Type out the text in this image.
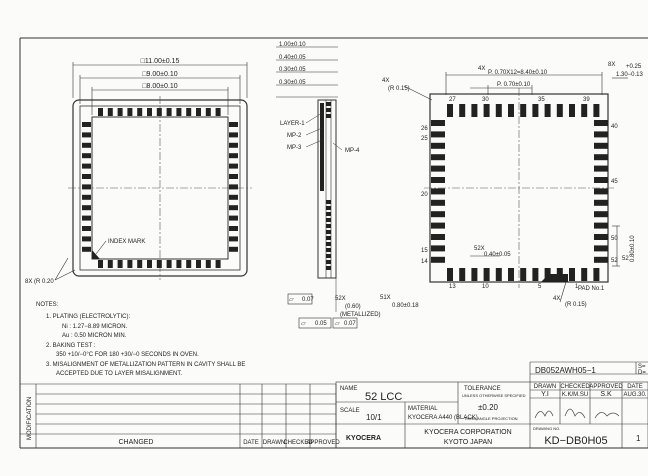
INDEX MARK
8X (R 0.20
□11.00±0.15
□9.00±0.10
□8.00±0.10
1.00±0.10
0.40±0.05
0.30±0.05
0.30±0.05
LAYER-1
MP-2
MP-3	MP-4
⏥ 0.07
⏥ 0.05 ⏥ 0.07
52X
(0.60)
(METALLIZED)
4X
(R 0.15)
4X
P. 0.70X12=8.40±0.10
P. 0.70±0.10
8X +0.25
1.30−0.13
52X
0.40±0.05
51X
0.80±0.18
PAD No.1
4X
(R 0.15)
0.80±0.10
52
27	30	35	39
40
45
50
52
26
25
20
15
14
13	10	5	1
NOTES:
1. PLATING (ELECTROLYTIC):
Ni : 1.27−8.89 MICRON.
Au : 0.50 MICRON MIN.
2. BAKING TEST :
350 +10/−0°C FOR 180 +30/−0 SECONDS IN OVEN.
3. MISALIGNMENT OF METALLIZATION PATTERN IN CAVITY SHALL BE
ACCEPTED DUE TO LAYER MISALIGNMENT.
MODIFICATION
CHANGED	DATE DRAWN
CHECKED
APPROVED
DB052AWH05−1	S=
D=
DRAWN CHECKED APPROVED DATE
Y.I K.K/M.SU S.K AUG.30.
NAME
52 LCC
SCALE
10/1
MATERIAL
KYOCERA A440 (BLACK)
TOLERANCE
UNLESS OTHERWISE SPECIFIED
±0.20
THIRD ANGLE PROJECTION
KYOCERA
KYOCERA CORPORATION
KYOTO JAPAN
DRAWING NO.
KD−DB0H05	1
